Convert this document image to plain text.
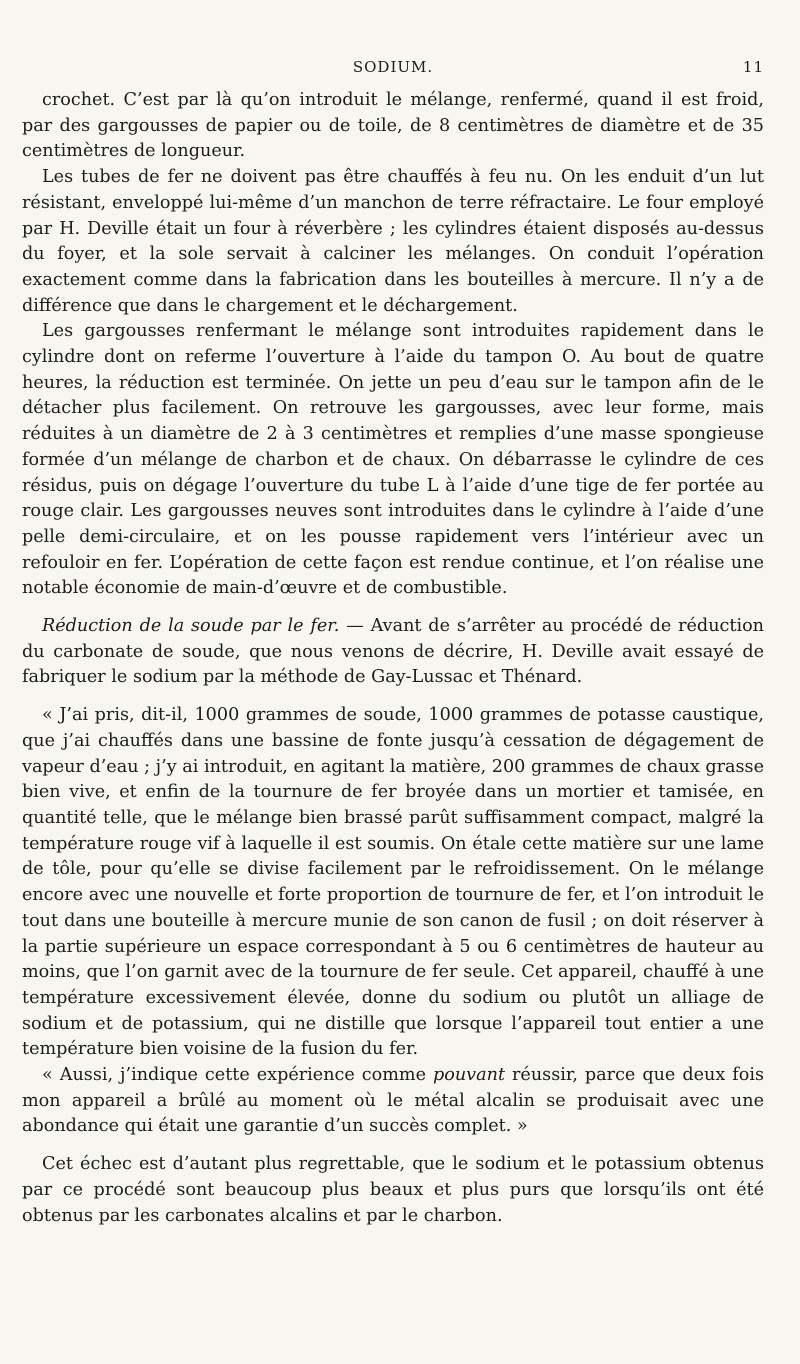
SODIUM.	11

crochet. C’est par là qu’on introduit le mélange, renfermé, quand il est froid, par des gargousses de papier ou de toile, de 8 centimètres de diamètre et de 35 centimètres de longueur.

Les tubes de fer ne doivent pas être chauffés à feu nu. On les enduit d’un lut résistant, enveloppé lui-même d’un manchon de terre réfractaire. Le four employé par H. Deville était un four à réverbère ; les cylindres étaient disposés au-dessus du foyer, et la sole servait à calciner les mélanges. On conduit l’opération exactement comme dans la fabrication dans les bouteilles à mercure. Il n’y a de différence que dans le chargement et le déchargement.

Les gargousses renfermant le mélange sont introduites rapidement dans le cylindre dont on referme l’ouverture à l’aide du tampon O. Au bout de quatre heures, la réduction est terminée. On jette un peu d’eau sur le tampon afin de le détacher plus facilement. On retrouve les gargousses, avec leur forme, mais réduites à un diamètre de 2 à 3 centimètres et remplies d’une masse spongieuse formée d’un mélange de charbon et de chaux. On débarrasse le cylindre de ces résidus, puis on dégage l’ouverture du tube L à l’aide d’une tige de fer portée au rouge clair. Les gargousses neuves sont introduites dans le cylindre à l’aide d’une pelle demi-circulaire, et on les pousse rapidement vers l’intérieur avec un refouloir en fer. L’opération de cette façon est rendue continue, et l’on réalise une notable économie de main-d’œuvre et de combustible.

Réduction de la soude par le fer. — Avant de s’arrêter au procédé de réduction du carbonate de soude, que nous venons de décrire, H. Deville avait essayé de fabriquer le sodium par la méthode de Gay-Lussac et Thénard.

« J’ai pris, dit-il, 1000 grammes de soude, 1000 grammes de potasse caustique, que j’ai chauffés dans une bassine de fonte jusqu’à cessation de dégagement de vapeur d’eau ; j’y ai introduit, en agitant la matière, 200 grammes de chaux grasse bien vive, et enfin de la tournure de fer broyée dans un mortier et tamisée, en quantité telle, que le mélange bien brassé parût suffisamment compact, malgré la température rouge vif à laquelle il est soumis. On étale cette matière sur une lame de tôle, pour qu’elle se divise facilement par le refroidissement. On le mélange encore avec une nouvelle et forte proportion de tournure de fer, et l’on introduit le tout dans une bouteille à mercure munie de son canon de fusil ; on doit réserver à la partie supérieure un espace correspondant à 5 ou 6 centimètres de hauteur au moins, que l’on garnit avec de la tournure de fer seule. Cet appareil, chauffé à une température excessivement élevée, donne du sodium ou plutôt un alliage de sodium et de potassium, qui ne distille que lorsque l’appareil tout entier a une température bien voisine de la fusion du fer.

« Aussi, j’indique cette expérience comme pouvant réussir, parce que deux fois mon appareil a brûlé au moment où le métal alcalin se produisait avec une abondance qui était une garantie d’un succès complet. »

Cet échec est d’autant plus regrettable, que le sodium et le potassium obtenus par ce procédé sont beaucoup plus beaux et plus purs que lorsqu’ils ont été obtenus par les carbonates alcalins et par le charbon.
